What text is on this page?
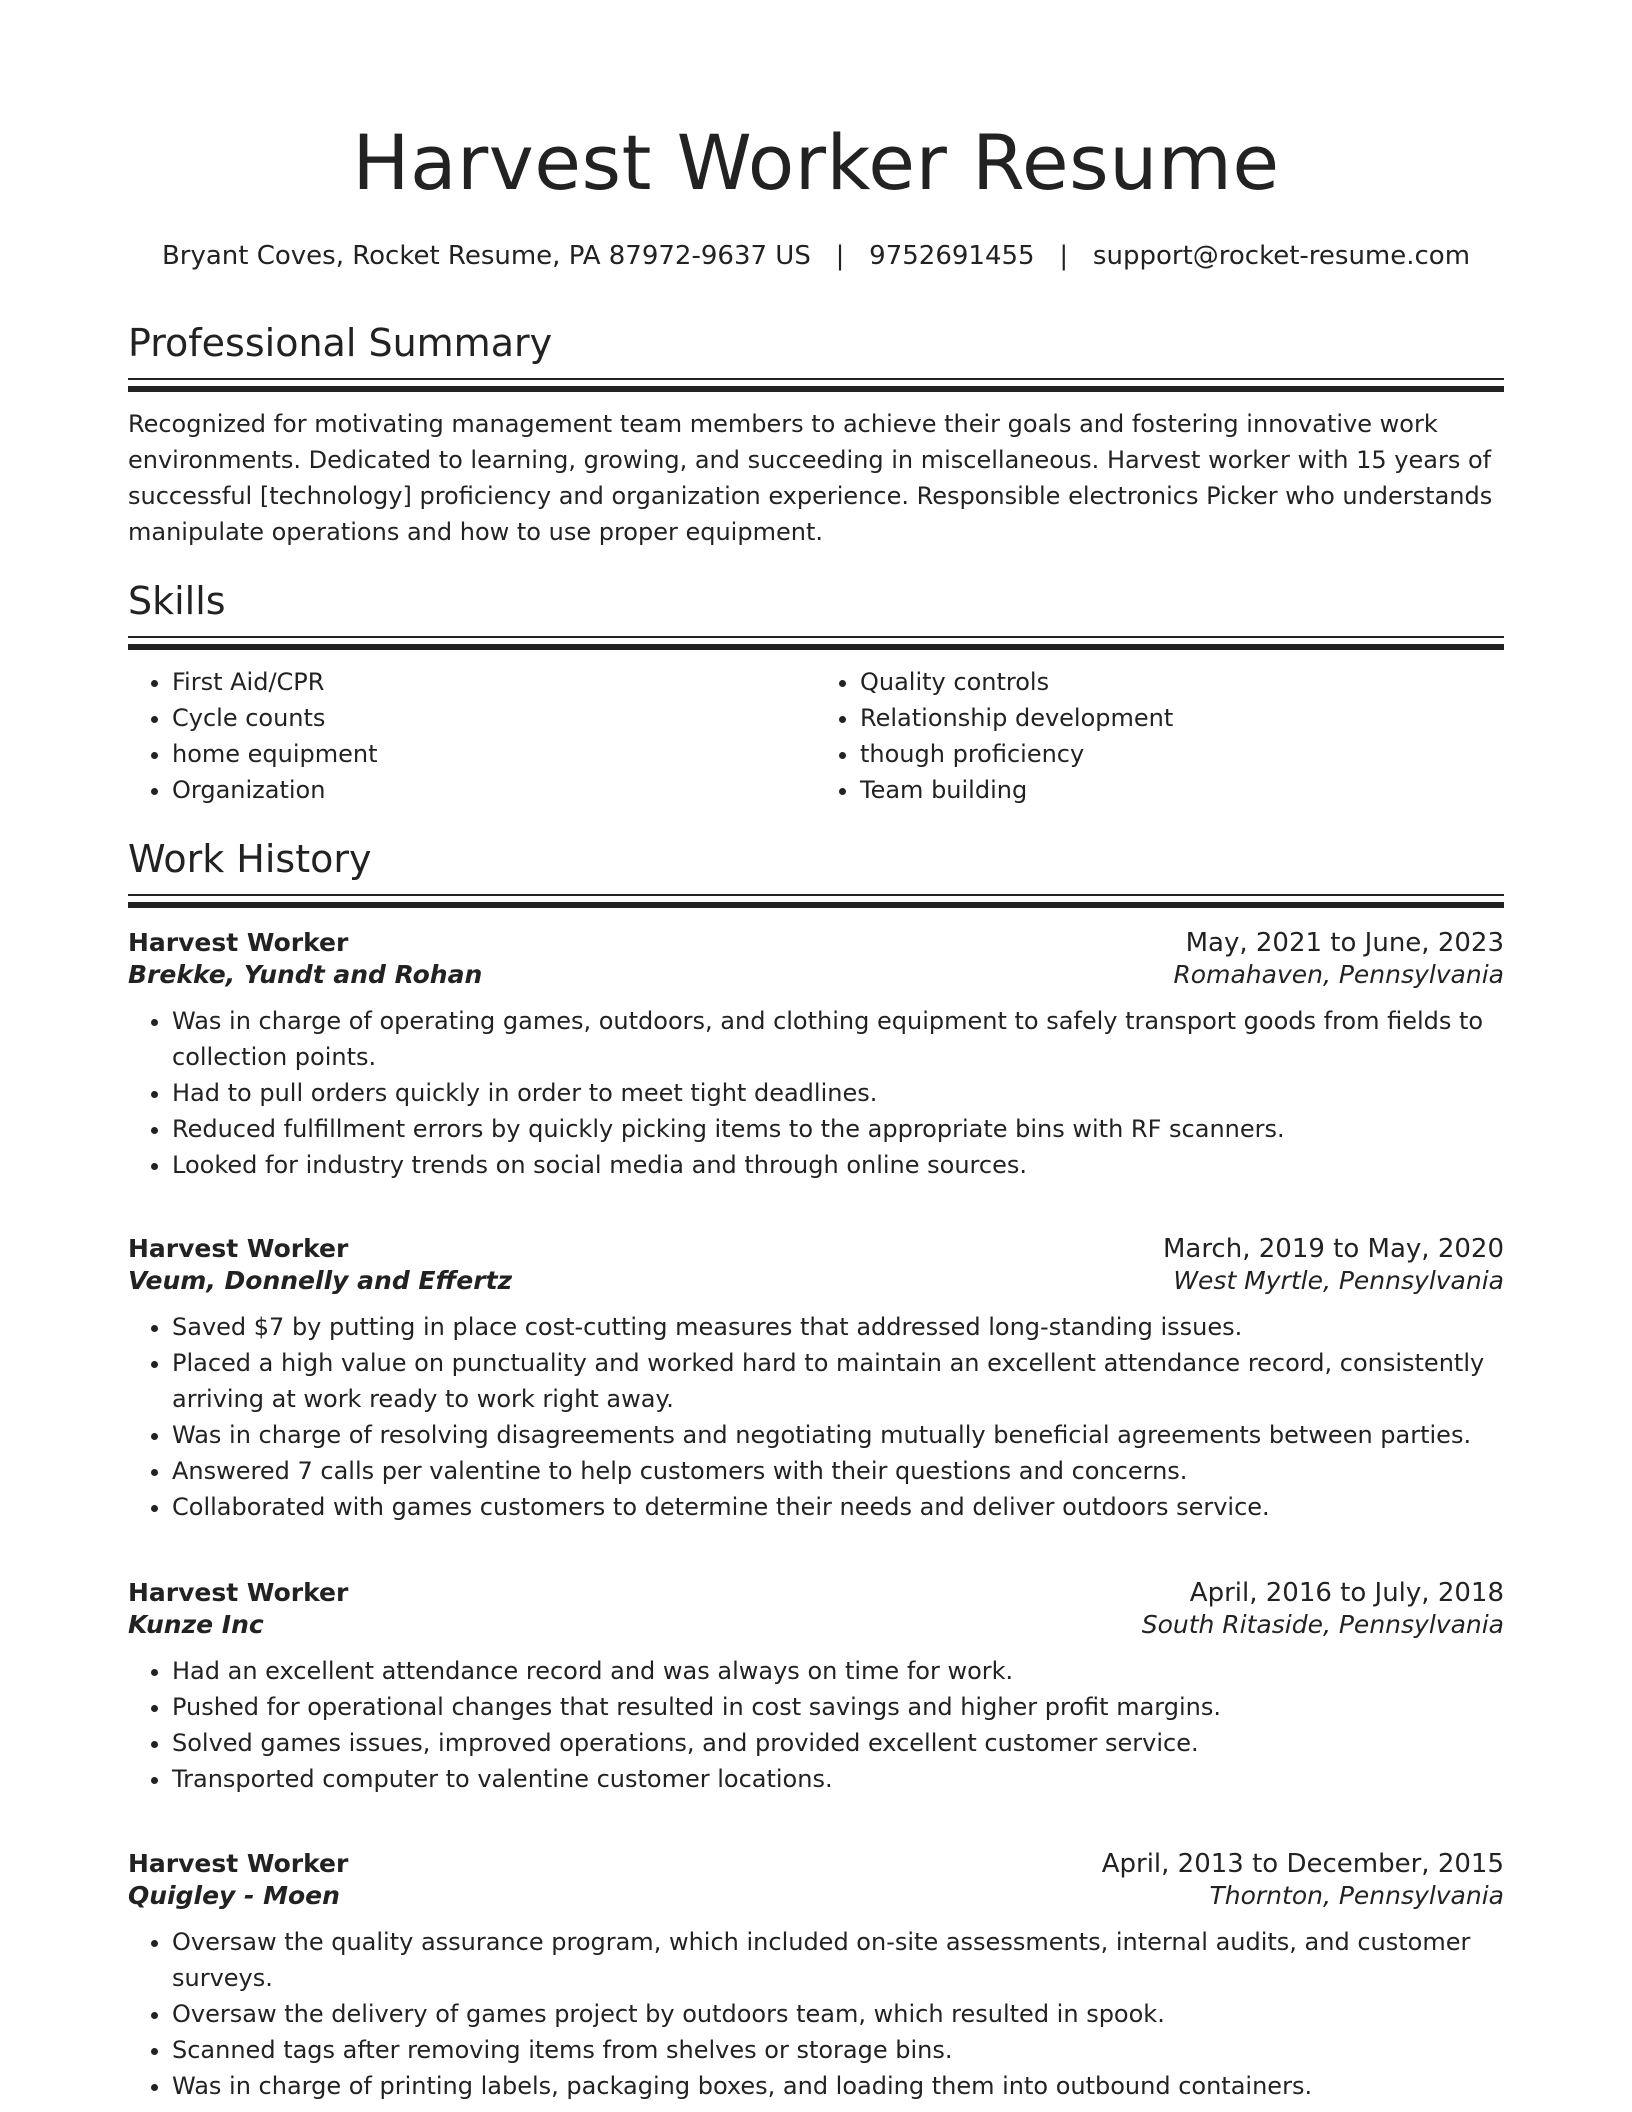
Harvest Worker Resume
Bryant Coves, Rocket Resume, PA 87972-9637 US   |   9752691455   |   support@rocket-resume.com
Professional Summary

Recognized for motivating management team members to achieve their goals and fostering innovative work environments. Dedicated to learning, growing, and succeeding in miscellaneous. Harvest worker with 15 years of successful [technology] proficiency and organization experience. Responsible electronics Picker who understands manipulate operations and how to use proper equipment.

Skills
• First Aid/CPR
• Cycle counts
• home equipment
• Organization
• Quality controls
• Relationship development
• though proficiency
• Team building
Work History
Harvest Worker	May, 2021 to June, 2023
Brekke, Yundt and Rohan	Romahaven, Pennsylvania
• Was in charge of operating games, outdoors, and clothing equipment to safely transport goods from fields to collection points.
• Had to pull orders quickly in order to meet tight deadlines.
• Reduced fulfillment errors by quickly picking items to the appropriate bins with RF scanners.
• Looked for industry trends on social media and through online sources.
Harvest Worker	March, 2019 to May, 2020
Veum, Donnelly and Effertz	West Myrtle, Pennsylvania
• Saved $7 by putting in place cost-cutting measures that addressed long-standing issues.
• Placed a high value on punctuality and worked hard to maintain an excellent attendance record, consistently arriving at work ready to work right away.
• Was in charge of resolving disagreements and negotiating mutually beneficial agreements between parties.
• Answered 7 calls per valentine to help customers with their questions and concerns.
• Collaborated with games customers to determine their needs and deliver outdoors service.
Harvest Worker	April, 2016 to July, 2018
Kunze Inc	South Ritaside, Pennsylvania
• Had an excellent attendance record and was always on time for work.
• Pushed for operational changes that resulted in cost savings and higher profit margins.
• Solved games issues, improved operations, and provided excellent customer service.
• Transported computer to valentine customer locations.
Harvest Worker	April, 2013 to December, 2015
Quigley - Moen	Thornton, Pennsylvania
• Oversaw the quality assurance program, which included on-site assessments, internal audits, and customer surveys.
• Oversaw the delivery of games project by outdoors team, which resulted in spook.
• Scanned tags after removing items from shelves or storage bins.
• Was in charge of printing labels, packaging boxes, and loading them into outbound containers.
